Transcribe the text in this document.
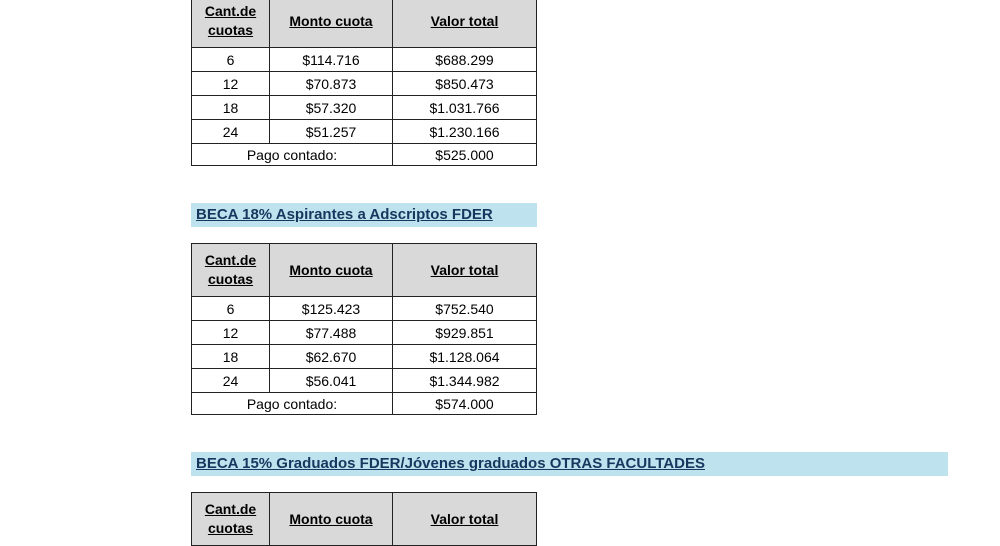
Cant.de cuotas	Monto cuota	Valor total
6	$114.716	$688.299
12	$70.873	$850.473
18	$57.320	$1.031.766
24	$51.257	$1.230.166
Pago contado:		$525.000
BECA 18% Aspirantes a Adscriptos FDER
Cant.de cuotas	Monto cuota	Valor total
6	$125.423	$752.540
12	$77.488	$929.851
18	$62.670	$1.128.064
24	$56.041	$1.344.982
Pago contado:		$574.000
BECA 15% Graduados FDER/Jóvenes graduados OTRAS FACULTADES
Cant.de cuotas	Monto cuota	Valor total
